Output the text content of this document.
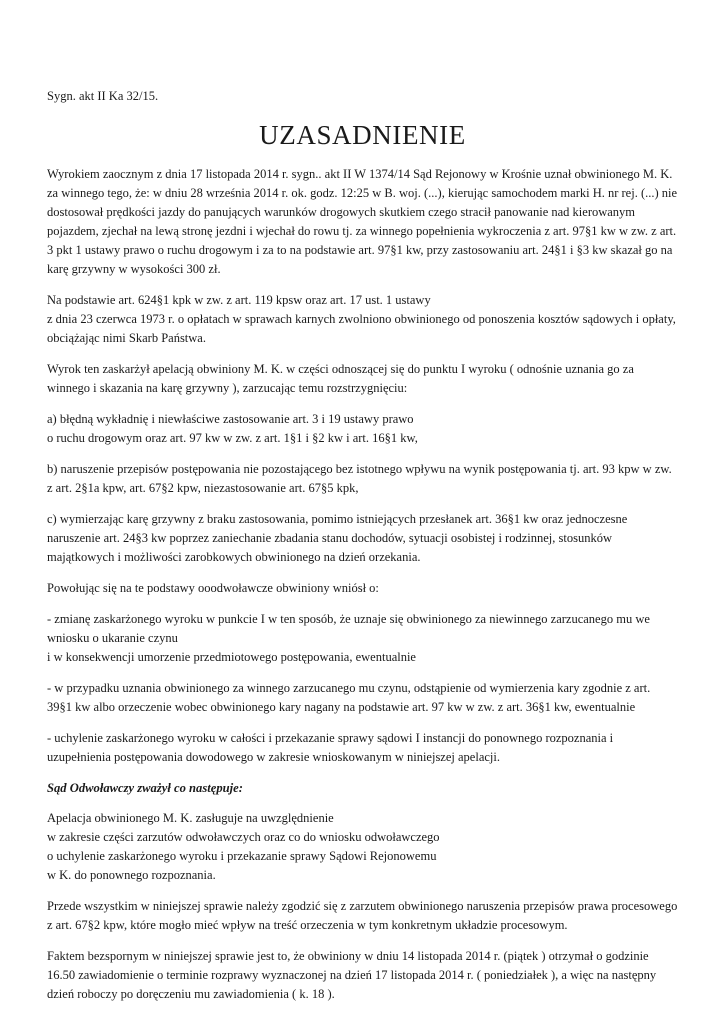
Sygn. akt II Ka 32/15.
UZASADNIENIE
Wyrokiem zaocznym z dnia 17 listopada 2014 r. sygn.. akt II W 1374/14 Sąd Rejonowy w Krośnie uznał obwinionego M. K. za winnego tego, że: w dniu 28 września 2014 r. ok. godz. 12:25 w B. woj. (...), kierując samochodem marki H. nr rej. (...) nie dostosował prędkości jazdy do panujących warunków drogowych skutkiem czego stracił panowanie nad kierowanym pojazdem, zjechał na lewą stronę jezdni i wjechał do rowu tj. za winnego popełnienia wykroczenia z art. 97§1 kw w zw. z art. 3 pkt 1 ustawy prawo o ruchu drogowym i za to na podstawie art. 97§1 kw, przy zastosowaniu art. 24§1 i §3 kw skazał go na karę grzywny w wysokości 300 zł.
Na podstawie art. 624§1 kpk w zw. z art. 119 kpsw oraz art. 17 ust. 1 ustawy
z dnia 23 czerwca 1973 r. o opłatach w sprawach karnych zwolniono obwinionego od ponoszenia kosztów sądowych i opłaty, obciążając nimi Skarb Państwa.
Wyrok ten zaskarżył apelacją obwiniony M. K. w części odnoszącej się do punktu I wyroku ( odnośnie uznania go za winnego i skazania na karę grzywny ), zarzucając temu rozstrzygnięciu:
a) błędną wykładnię i niewłaściwe zastosowanie art. 3 i 19 ustawy prawo
o ruchu drogowym oraz art. 97 kw w zw. z art. 1§1 i §2 kw i art. 16§1 kw,
b) naruszenie przepisów postępowania nie pozostającego bez istotnego wpływu na wynik postępowania tj. art. 93 kpw w zw. z art. 2§1a kpw, art. 67§2 kpw, niezastosowanie art. 67§5 kpk,
c) wymierzając karę grzywny z braku zastosowania, pomimo istniejących przesłanek art. 36§1 kw oraz jednoczesne naruszenie art. 24§3 kw poprzez zaniechanie zbadania stanu dochodów, sytuacji osobistej i rodzinnej, stosunków majątkowych i możliwości zarobkowych obwinionego na dzień orzekania.
Powołując się na te podstawy ooodwoławcze obwiniony wniósł o:
- zmianę zaskarżonego wyroku w punkcie I w ten sposób, że uznaje się obwinionego za niewinnego zarzucanego mu we wniosku o ukaranie czynu
i w konsekwencji umorzenie przedmiotowego postępowania, ewentualnie
- w przypadku uznania obwinionego za winnego zarzucanego mu czynu, odstąpienie od wymierzenia kary zgodnie z art. 39§1 kw albo orzeczenie wobec obwinionego kary nagany na podstawie art. 97 kw w zw. z art. 36§1 kw, ewentualnie
- uchylenie zaskarżonego wyroku w całości i przekazanie sprawy sądowi I instancji do ponownego rozpoznania i uzupełnienia postępowania dowodowego w zakresie wnioskowanym w niniejszej apelacji.
Sąd Odwoławczy zważył co następuje:
Apelacja obwinionego M. K. zasługuje na uwzględnienie
w zakresie części zarzutów odwoławczych oraz co do wniosku odwoławczego
o uchylenie zaskarżonego wyroku i przekazanie sprawy Sądowi Rejonowemu
w K. do ponownego rozpoznania.
Przede wszystkim w niniejszej sprawie należy zgodzić się z zarzutem obwinionego naruszenia przepisów prawa procesowego z art. 67§2 kpw, które mogło mieć wpływ na treść orzeczenia w tym konkretnym układzie procesowym.
Faktem bezspornym w niniejszej sprawie jest to, że obwiniony w dniu 14 listopada 2014 r. (piątek ) otrzymał o godzinie 16.50 zawiadomienie o terminie rozprawy wyznaczonej na dzień 17 listopada 2014 r. ( poniedziałek ), a więc na następny dzień roboczy po doręczeniu mu zawiadomienia ( k. 18 ).
